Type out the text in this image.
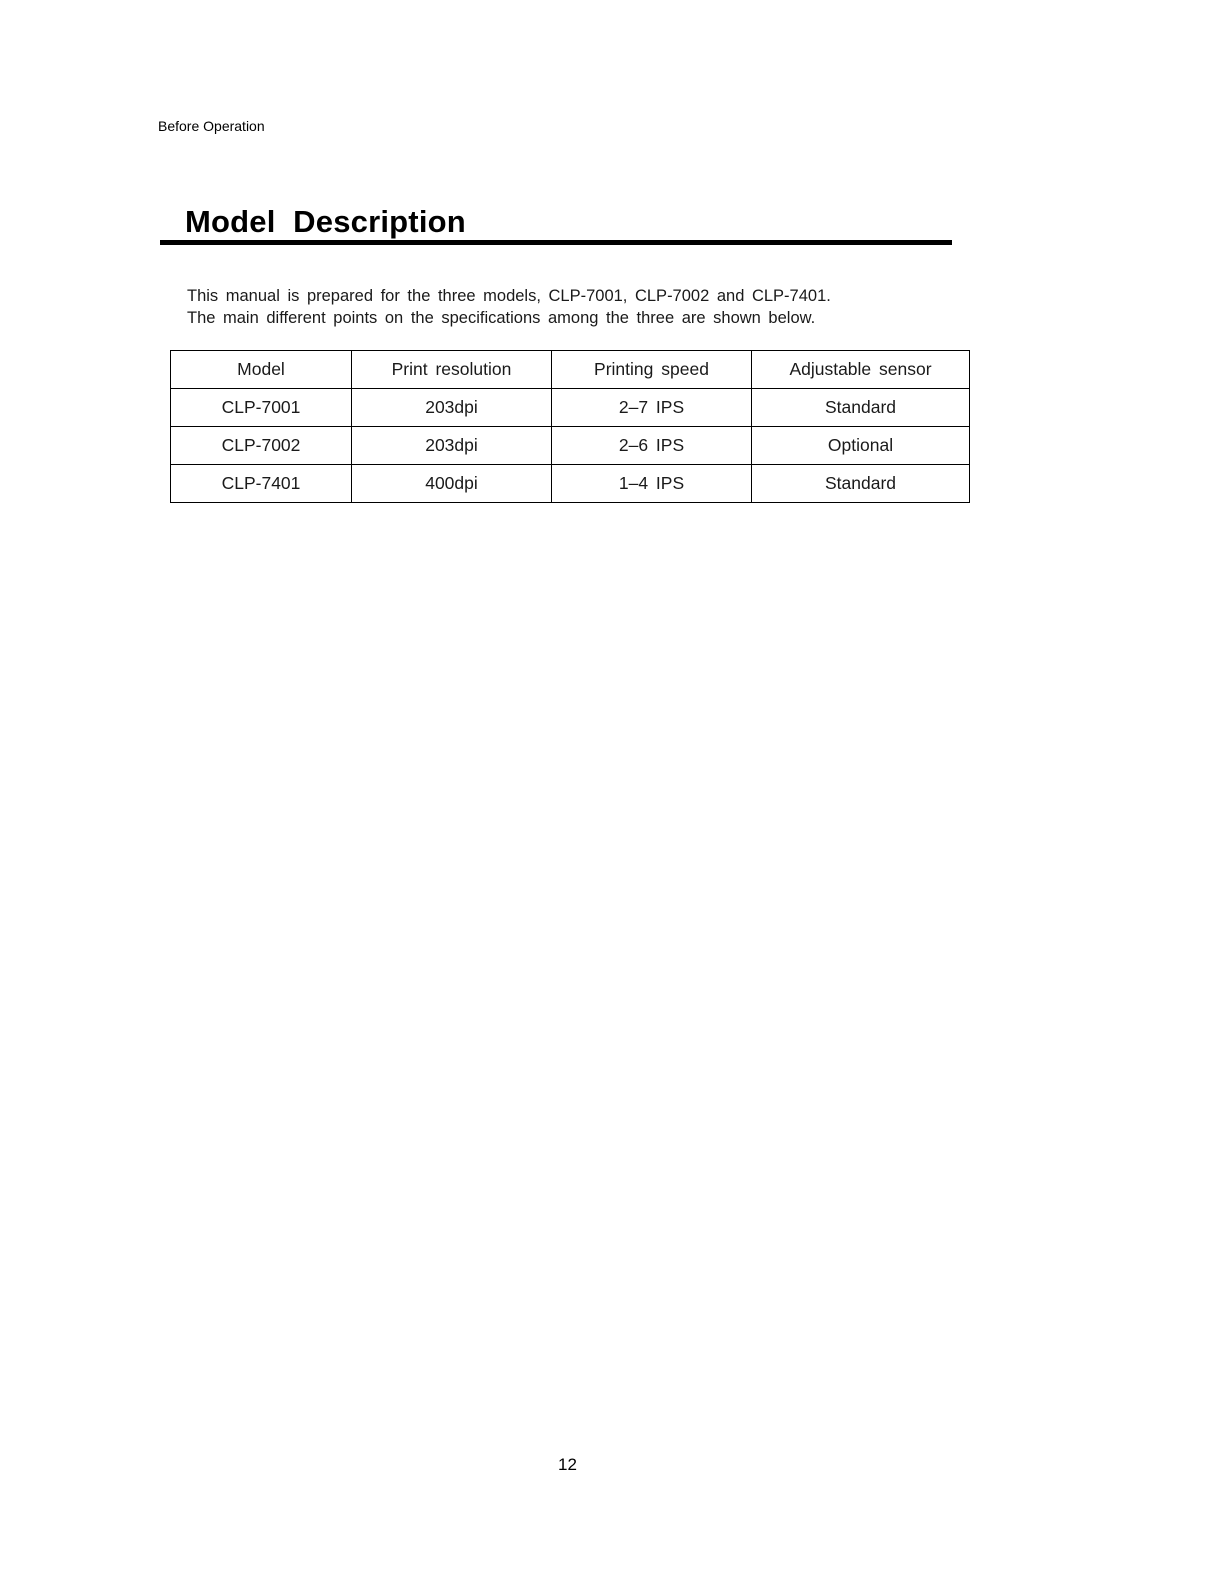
Before Operation
Model  Description

This manual is prepared for the three models, CLP-7001, CLP-7002 and CLP-7401.

The main different points on the specifications among the three are shown below.

Model	Print resolution	Printing speed	Adjustable sensor
CLP-7001	203dpi	2–7 IPS	Standard
CLP-7002	203dpi	2–6 IPS	Optional
CLP-7401	400dpi	1–4 IPS	Standard
12
